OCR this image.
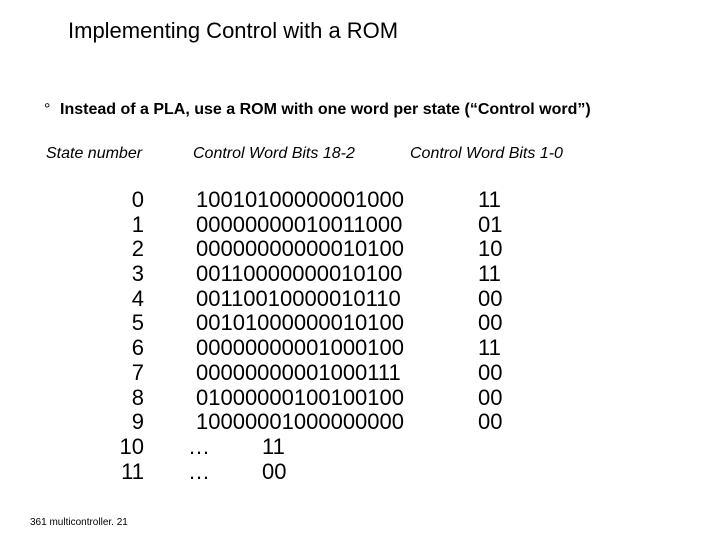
Implementing Control with a ROM
° Instead of a PLA, use a ROM with one word per state (“Control word”)
State number	Control Word Bits 18-2	Control Word Bits 1-0
0
1
2
3
4
5
6
7
8
9
10
11
10010100000001000
00000000010011000
00000000000010100
00110000000010100
00110010000010110
00101000000010100
00000000001000100
00000000001000111
01000000100100100
10000001000000000
… 11
… 00
11
01
10
11
00
00
11
00
00
00
361 multicontroller. 21
